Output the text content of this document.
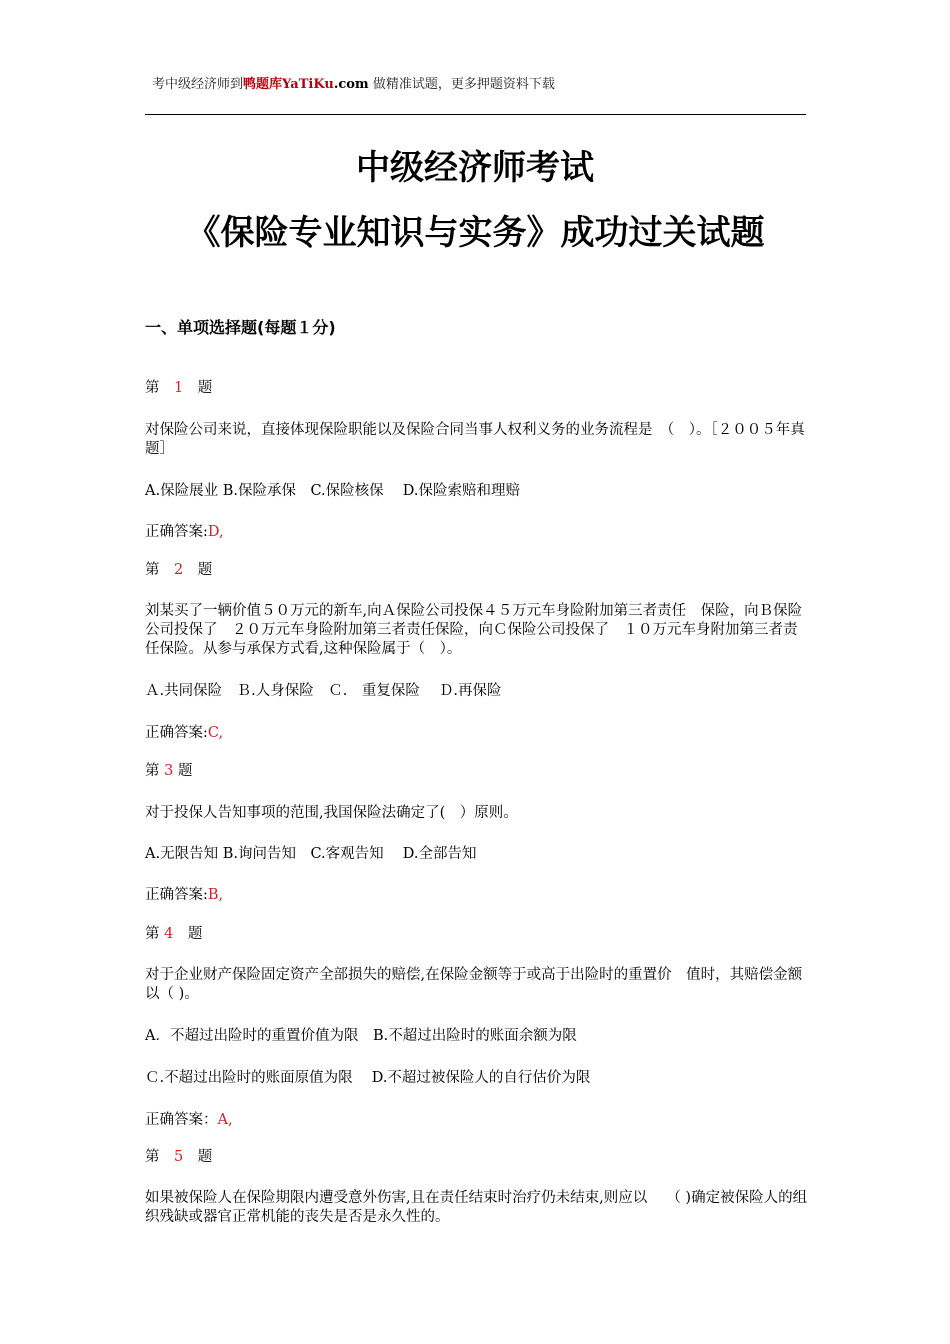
考中级经济师到鸭题库YaTiKu.com 做精准试题，更多押题资料下载
中级经济师考试
《保险专业知识与实务》成功过关试题
一、单项选择题(每题１分)
第　1　题
对保险公司来说，直接体现保险职能以及保险合同当事人权利义务的业务流程是　（　）。［２００５年真题］
A.保险展业 B.保险承保　C.保险核保　 D.保险索赔和理赔
正确答案:D,
第　2　题
刘某买了一辆价值５０万元的新车,向Ａ保险公司投保４５万元车身险附加第三者责任　保险，向Ｂ保险公司投保了　２０万元车身险附加第三者责任保险，向Ｃ保险公司投保了　１０万元车身附加第三者责任保险。从参与承保方式看,这种保险属于（　）。
Ａ.共同保险　Ｂ.人身保险　Ｃ.　重复保险　 Ｄ.再保险
正确答案:C,
第 3 题
对于投保人告知事项的范围,我国保险法确定了(　）原则。
A.无限告知 B.询问告知　C.客观告知　 D.全部告知
正确答案:B,
第 4　题
对于企业财产保险固定资产全部损失的赔偿,在保险金额等于或高于出险时的重置价　值时，其赔偿金额以（ )。
A．不超过出险时的重置价值为限　B.不超过出险时的账面余额为限
Ｃ.不超过出险时的账面原值为限　 D.不超过被保险人的自行估价为限
正确答案：A,
第　5　题
如果被保险人在保险期限内遭受意外伤害,且在责任结束时治疗仍未结束,则应以　 （ )确定被保险人的组织残缺或器官正常机能的丧失是否是永久性的。
